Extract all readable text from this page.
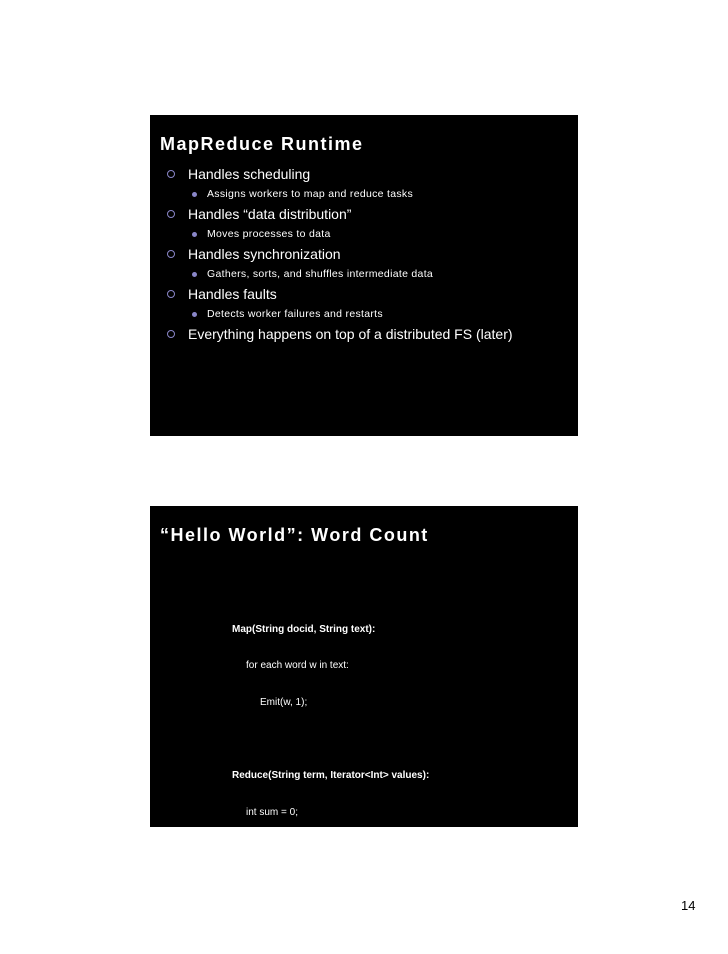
MapReduce Runtime
Handles scheduling
Assigns workers to map and reduce tasks
Handles “data distribution”
Moves processes to data
Handles synchronization
Gathers, sorts, and shuffles intermediate data
Handles faults
Detects worker failures and restarts
Everything happens on top of a distributed FS (later)
“Hello World”: Word Count

Map(String docid, String text):

for each word w in text:

Emit(w, 1);

Reduce(String term, Iterator<Int> values):

int sum = 0;

for each v in values:

sum += v;

Emit(term, value);

14
